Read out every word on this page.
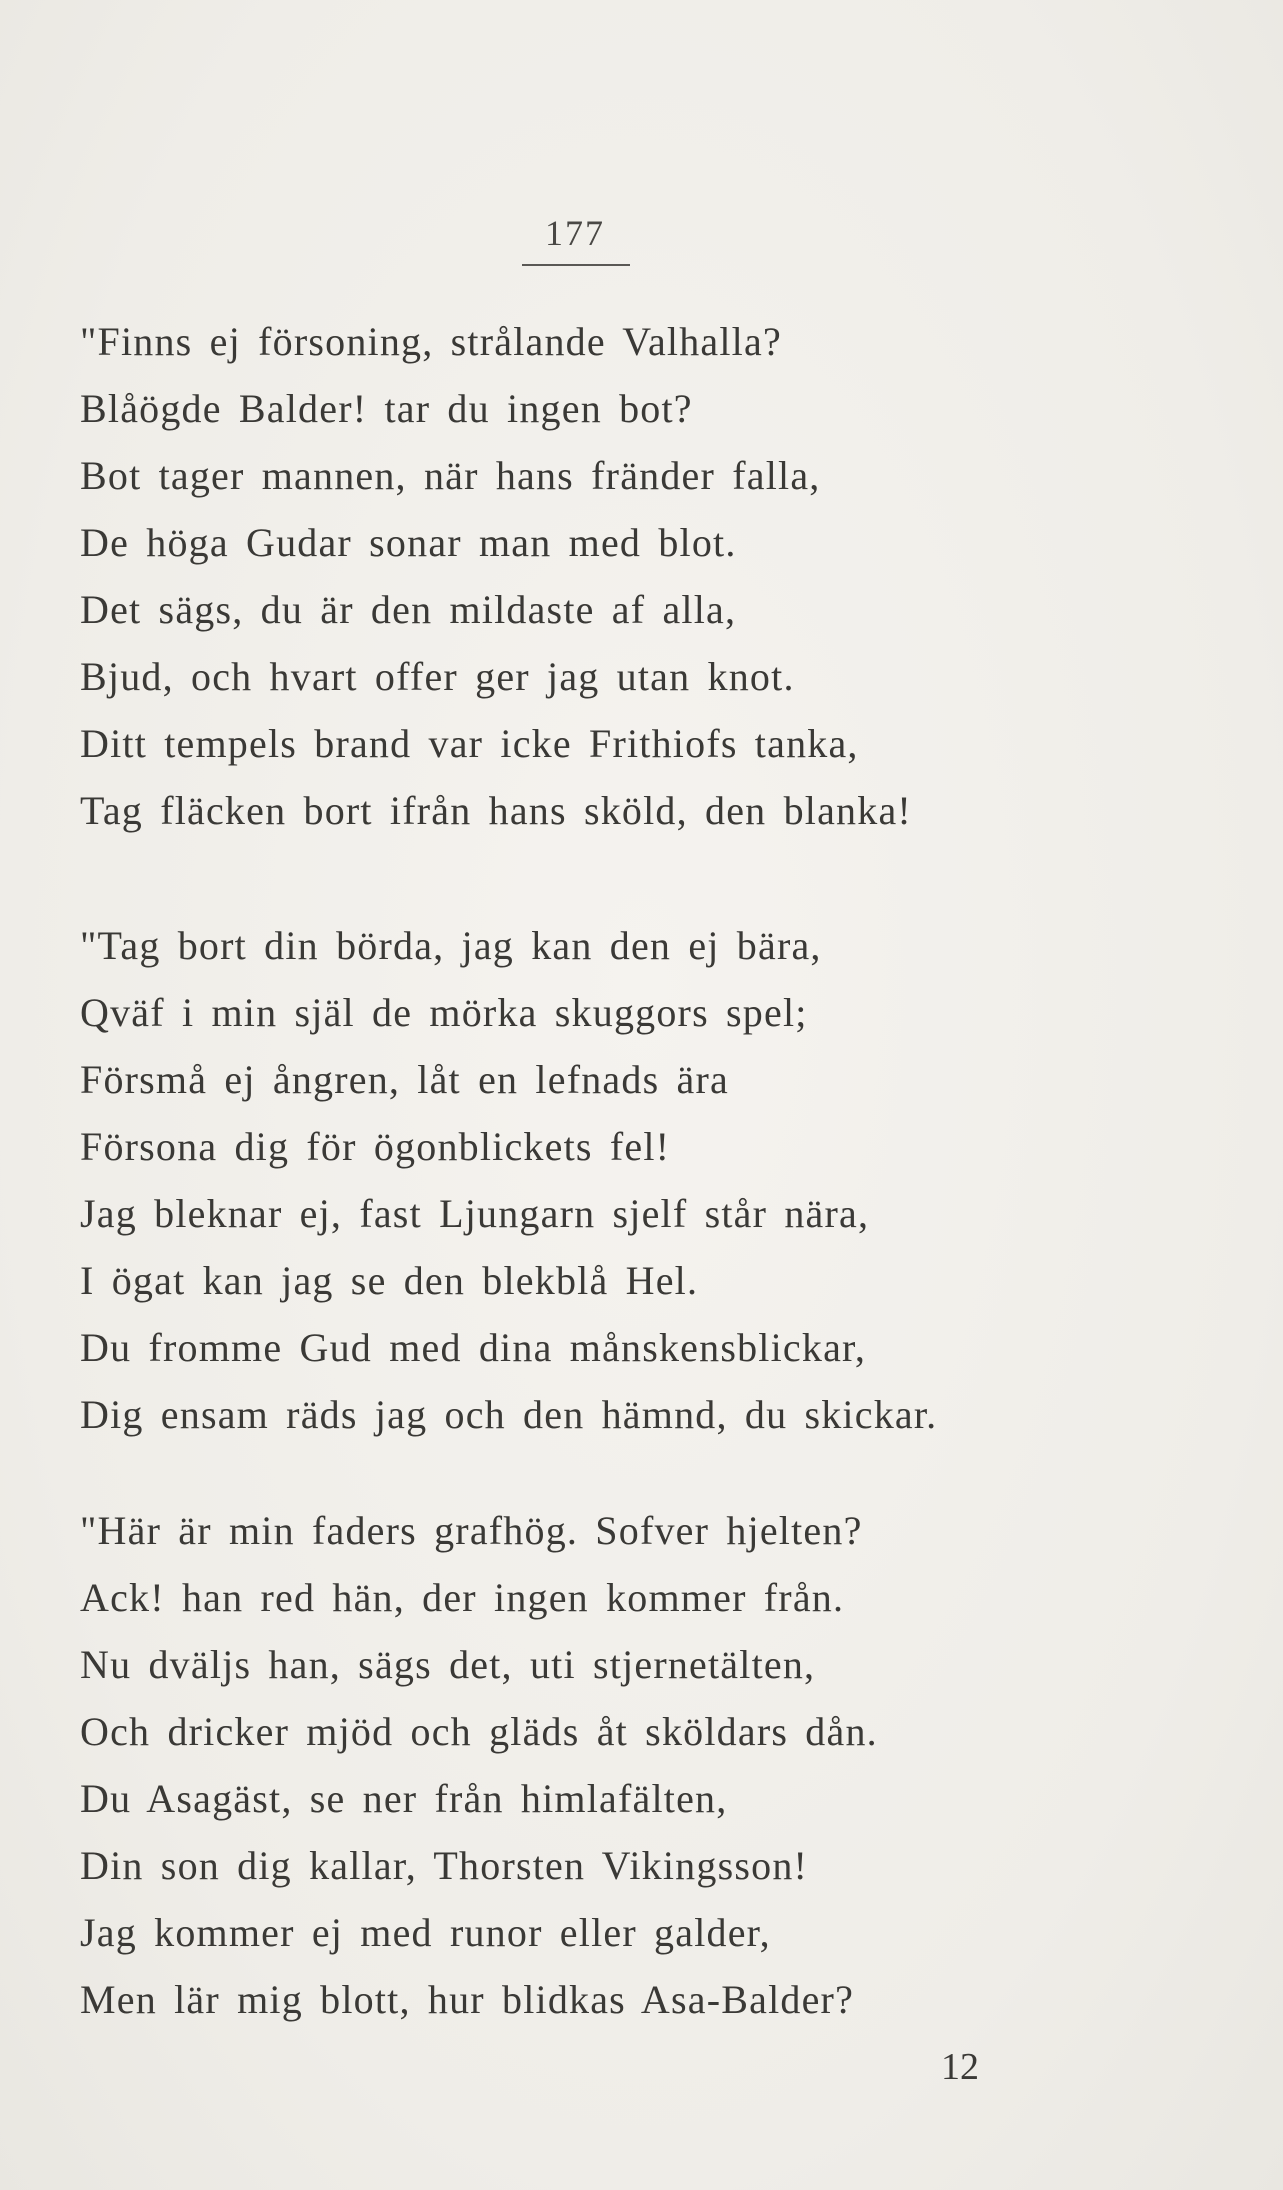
177
"Finns ej försoning, strålande Valhalla?
Blåögde Balder! tar du ingen bot?
Bot tager mannen, när hans fränder falla,
De höga Gudar sonar man med blot.
Det sägs, du är den mildaste af alla,
Bjud, och hvart offer ger jag utan knot.
Ditt tempels brand var icke Frithiofs tanka,
Tag fläcken bort ifrån hans sköld, den blanka!
"Tag bort din börda, jag kan den ej bära,
Qväf i min själ de mörka skuggors spel;
Försmå ej ångren, låt en lefnads ära
Försona dig för ögonblickets fel!
Jag bleknar ej, fast Ljungarn sjelf står nära,
I ögat kan jag se den blekblå Hel.
Du fromme Gud med dina månskensblickar,
Dig ensam räds jag och den hämnd, du skickar.
"Här är min faders grafhög. Sofver hjelten?
Ack! han red hän, der ingen kommer från.
Nu dväljs han, sägs det, uti stjernetälten,
Och dricker mjöd och gläds åt sköldars dån.
Du Asagäst, se ner från himlafälten,
Din son dig kallar, Thorsten Vikingsson!
Jag kommer ej med runor eller galder,
Men lär mig blott, hur blidkas Asa-Balder?
12
